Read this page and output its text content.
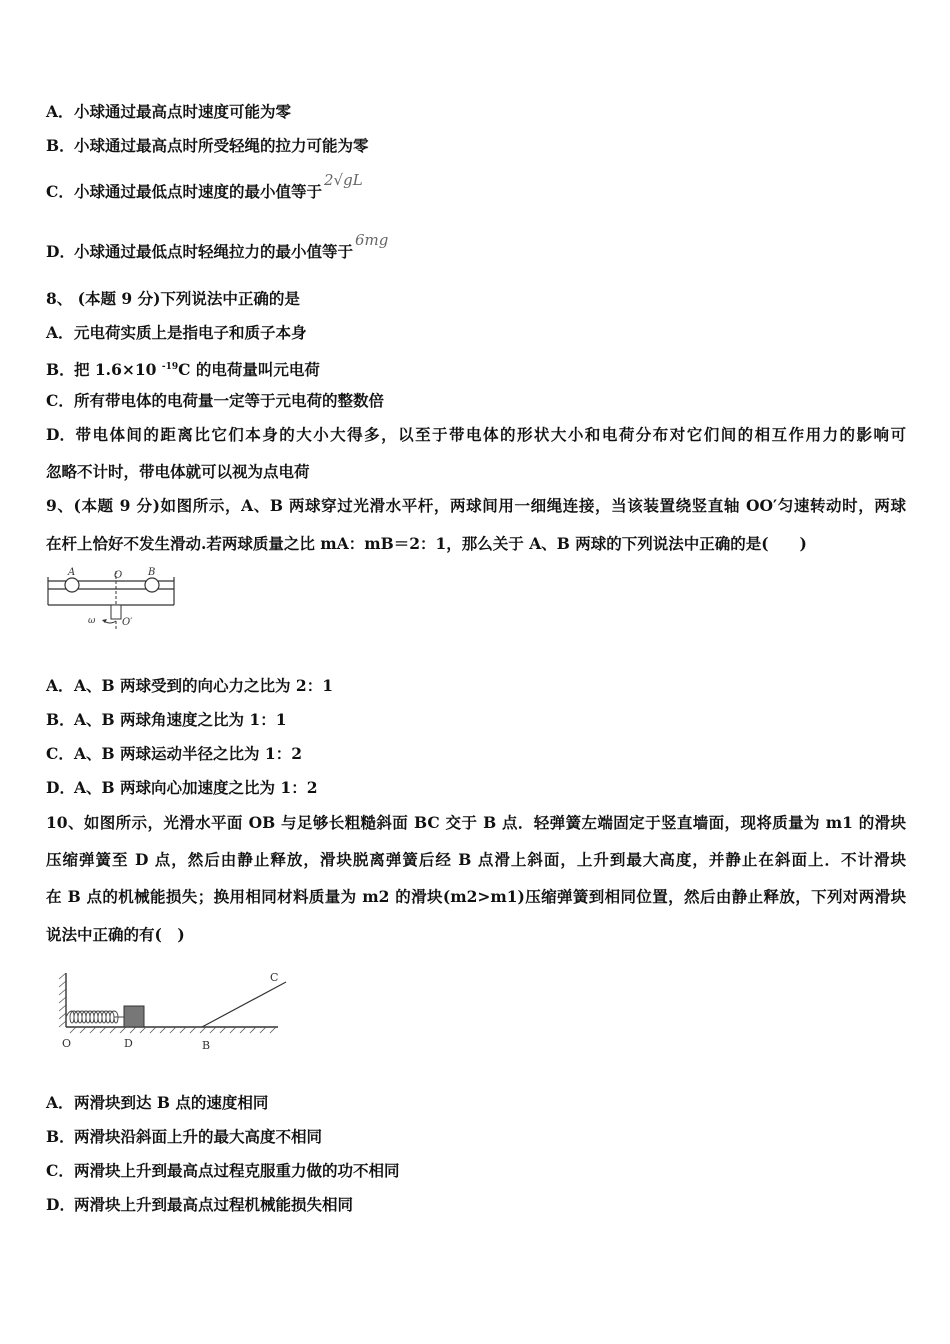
A．小球通过最高点时速度可能为零
B．小球通过最高点时所受轻绳的拉力可能为零
C．小球通过最低点时速度的最小值等于2√gL
D．小球通过最低点时轻绳拉力的最小值等于6mg
8、 (本题 9 分)下列说法中正确的是
A．元电荷实质上是指电子和质子本身
B．把 1.6×10 $^{-19}$C 的电荷量叫元电荷
C．所有带电体的电荷量一定等于元电荷的整数倍
D．带电体间的距离比它们本身的大小大得多，以至于带电体的形状大小和电荷分布对它们间的相互作用力的影响可
忽略不计时，带电体就可以视为点电荷
9、(本题 9 分)如图所示，A、B 两球穿过光滑水平杆，两球间用一细绳连接，当该装置绕竖直轴 OO′匀速转动时，两球
在杆上恰好不发生滑动.若两球质量之比 mA：mB＝2：1，那么关于 A、B 两球的下列说法中正确的是(　　)
A	O	B
ω	O′
A．A、B 两球受到的向心力之比为 2：1
B．A、B 两球角速度之比为 1：1
C．A、B 两球运动半径之比为 1：2
D．A、B 两球向心加速度之比为 1：2
10、如图所示，光滑水平面 OB 与足够长粗糙斜面 BC 交于 B 点．轻弹簧左端固定于竖直墙面，现将质量为 m1 的滑块
压缩弹簧至 D 点，然后由静止释放，滑块脱离弹簧后经 B 点滑上斜面，上升到最大高度，并静止在斜面上．不计滑块
在 B 点的机械能损失；换用相同材料质量为 m2 的滑块(m2>m1)压缩弹簧到相同位置，然后由静止释放，下列对两滑块
说法中正确的有(　)
O	D	B
C
A．两滑块到达 B 点的速度相同
B．两滑块沿斜面上升的最大高度不相同
C．两滑块上升到最高点过程克服重力做的功不相同
D．两滑块上升到最高点过程机械能损失相同
